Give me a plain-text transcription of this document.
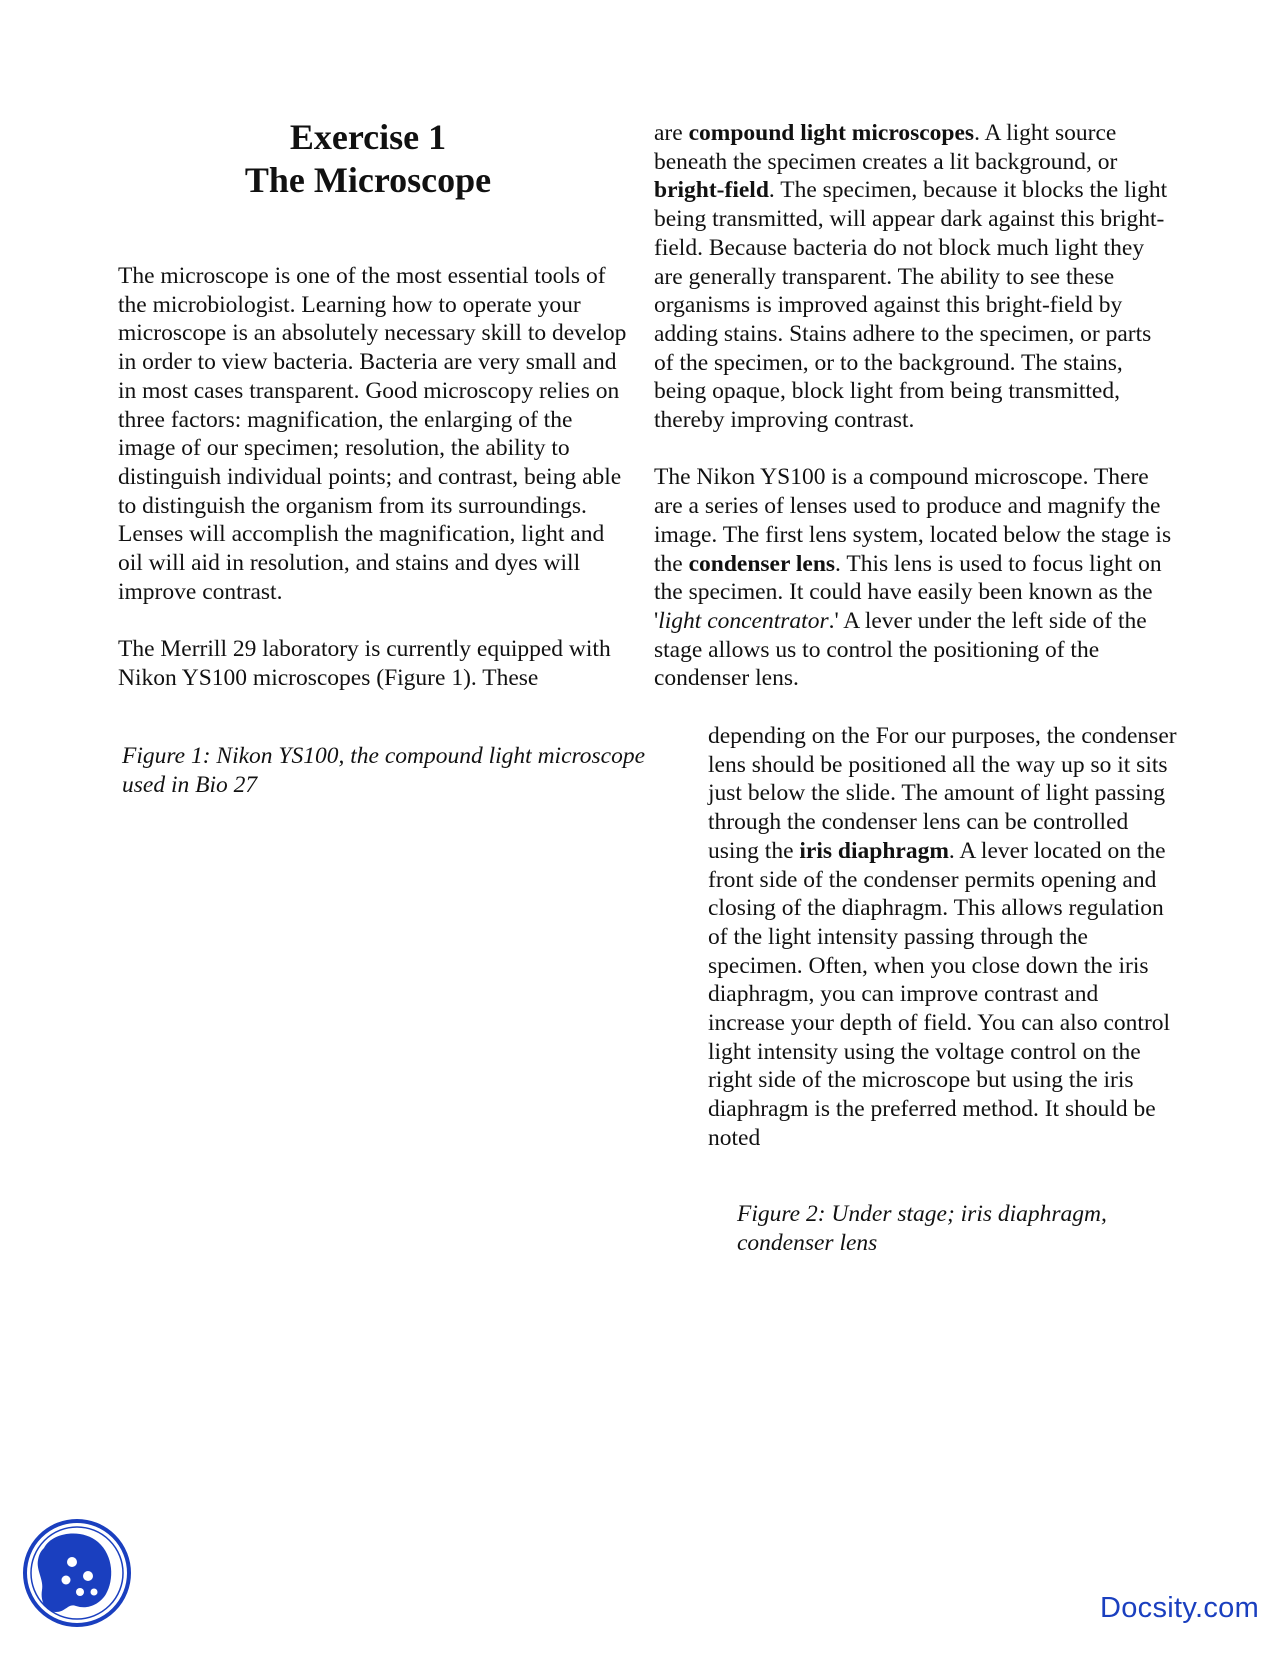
Exercise 1
The Microscope

The microscope is one of the most essential tools of the microbiologist. Learning how to operate your microscope is an absolutely necessary skill to develop in order to view bacteria. Bacteria are very small and in most cases transparent. Good microscopy relies on three factors: magnification, the enlarging of the image of our specimen; resolution, the ability to distinguish individual points; and contrast, being able to distinguish the organism from its surroundings. Lenses will accomplish the magnification, light and oil will aid in resolution, and stains and dyes will improve contrast.

The Merrill 29 laboratory is currently equipped with Nikon YS100 microscopes (Figure 1). These

Figure 1: Nikon YS100, the compound light microscope
used in Bio 27

are compound light microscopes. A light source beneath the specimen creates a lit background, or bright-field. The specimen, because it blocks the light being transmitted, will appear dark against this bright-field. Because bacteria do not block much light they are generally transparent. The ability to see these organisms is improved against this bright-field by adding stains. Stains adhere to the specimen, or parts of the specimen, or to the background. The stains, being opaque, block light from being transmitted, thereby improving contrast.

The Nikon YS100 is a compound microscope. There are a series of lenses used to produce and magnify the image. The first lens system, located below the stage is the condenser lens. This lens is used to focus light on the specimen. It could have easily been known as the 'light concentrator.' A lever under the left side of the stage allows us to control the positioning of the condenser lens.

depending on the For our purposes, the condenser lens should be positioned all the way up so it sits just below the slide. The amount of light passing through the condenser lens can be controlled using the iris diaphragm. A lever located on the front side of the condenser permits opening and closing of the diaphragm. This allows regulation of the light intensity passing through the specimen. Often, when you close down the iris diaphragm, you can improve contrast and increase your depth of field. You can also control light intensity using the voltage control on the right side of the microscope but using the iris diaphragm is the preferred method. It should be noted

Figure 2: Under stage; iris diaphragm,
condenser lens
Docsity.com
